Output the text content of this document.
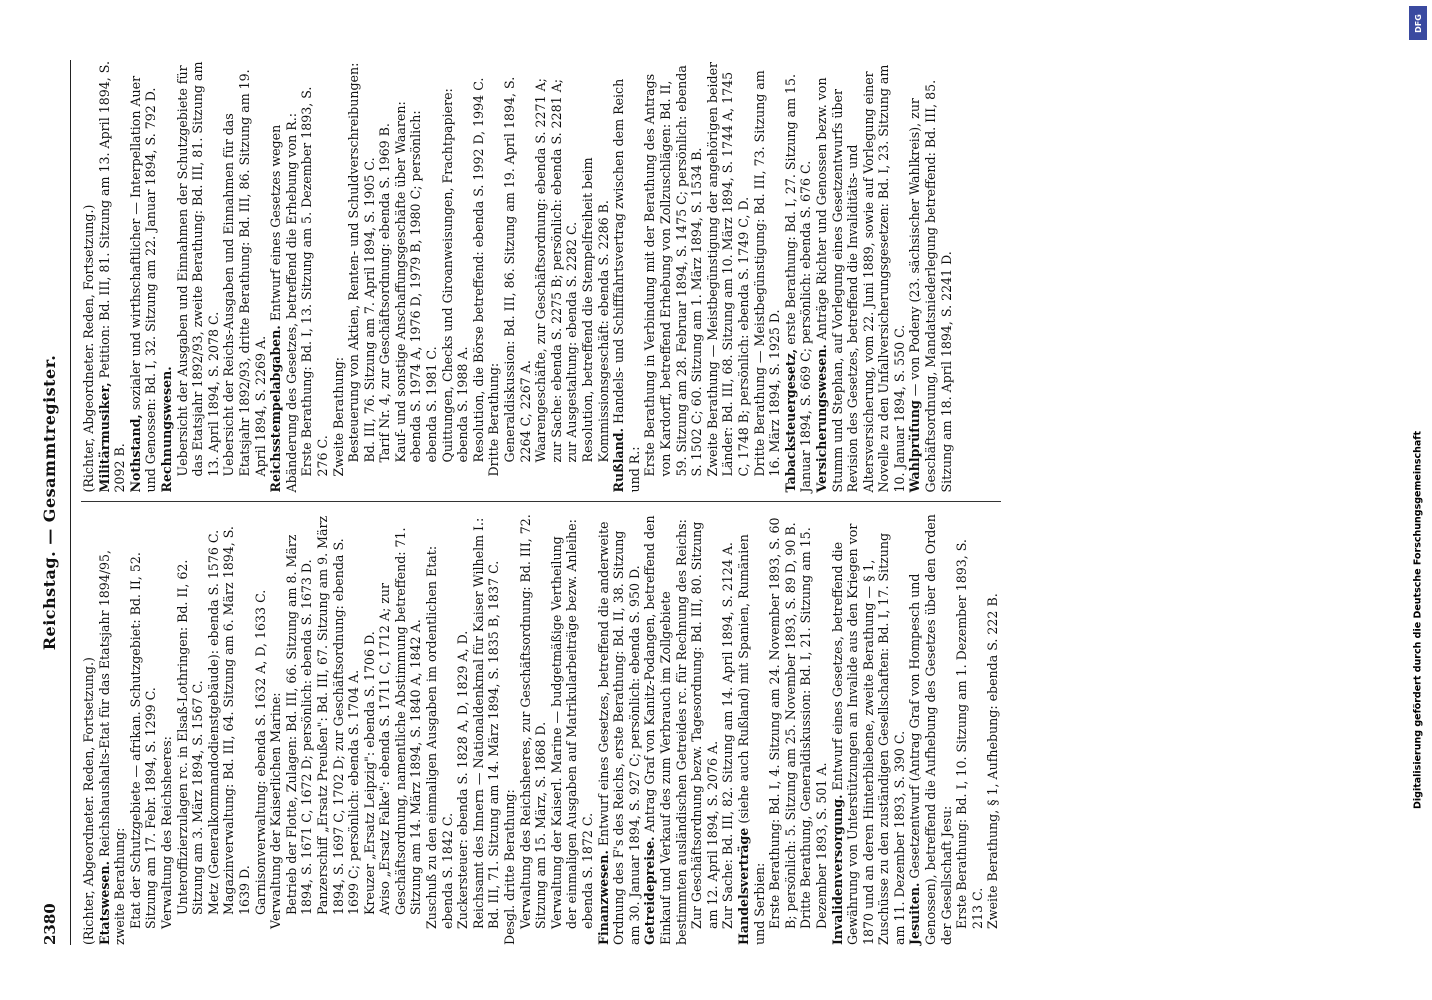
2380
Reichstag. — Gesammtregister.

(Richter, Abgeordneter. Reden, Fortsetzung.) Etatswesen. Reichshaushalts-Etat für das Etatsjahr 1894/95, zweite Berathung: Etat der Schutzgebiete — afrikan. Schutzgebiet: Bd. II, 52. Sitzung am 17. Febr. 1894, S. 1299 C. Verwaltung des Reichsheeres: Unteroffizierzulagen rc. in Elsaß-Lothringen: Bd. II, 62. Sitzung am 3. März 1894, S. 1567 C. Metz (Generalkommandodienstgebäude): ebenda S. 1576 C. Magazinverwaltung: Bd. III, 64. Sitzung am 6. März 1894, S. 1639 D. Garnisonverwaltung: ebenda S. 1632 A, D, 1633 C. Verwaltung der Kaiserlichen Marine: Betrieb der Flotte, Zulagen: Bd. III, 66. Sitzung am 8. März 1894, S. 1671 C, 1672 D; persönlich: ebenda S. 1673 D. Panzerschiff „Ersatz Preußen": Bd. III, 67. Sitzung am 9. März 1894, S. 1697 C, 1702 D; zur Geschäftsordnung: ebenda S. 1699 C; persönlich: ebenda S. 1704 A. Kreuzer „Ersatz Leipzig": ebenda S. 1706 D. Aviso „Ersatz Falke": ebenda S. 1711 C, 1712 A; zur Geschäftsordnung, namentliche Abstimmung betreffend: 71. Sitzung am 14. März 1894, S. 1840 A, 1842 A. Zuschuß zu den einmaligen Ausgaben im ordentlichen Etat: ebenda S. 1842 C. Zuckersteuer: ebenda S. 1828 A, D, 1829 A, D. Reichsamt des Innern — Nationaldenkmal für Kaiser Wilhelm I.: Bd. III, 71. Sitzung am 14. März 1894, S. 1835 B, 1837 C. Desgl. dritte Berathung: Verwaltung des Reichsheeres, zur Geschäftsordnung: Bd. III, 72. Sitzung am 15. März, S. 1868 D. Verwaltung der Kaiserl. Marine — budgetmäßige Vertheilung der einmaligen Ausgaben auf Matrikularbeiträge bezw. Anleihe: ebenda S. 1872 C. Finanzwesen. Entwurf eines Gesetzes, betreffend die anderweite Ordnung des F's des Reichs, erste Berathung: Bd. II, 38. Sitzung am 30. Januar 1894, S. 927 C; persönlich: ebenda S. 950 D. Getreidepreise. Antrag Graf von Kanitz-Podangen, betreffend den Einkauf und Verkauf des zum Verbrauch im Zollgebiete bestimmten ausländischen Getreides rc. für Rechnung des Reichs: Zur Geschäftsordnung bezw. Tagesordnung: Bd. III, 80. Sitzung am 12. April 1894, S. 2076 A. Zur Sache: Bd. III, 82. Sitzung am 14. April 1894, S. 2124 A. Handelsverträge (siehe auch Rußland) mit Spanien, Rumänien und Serbien: Erste Berathung: Bd. I, 4. Sitzung am 24. November 1893, S. 60 B; persönlich: 5. Sitzung am 25. November 1893, S. 89 D, 90 B. Dritte Berathung, Generaldiskussion: Bd. I, 21. Sitzung am 15. Dezember 1893, S. 501 A. Invalidenversorgung. Entwurf eines Gesetzes, betreffend die Gewährung von Unterstützungen an Invalide aus den Kriegen vor 1870 und an deren Hinterbliebene, zweite Berathung — § 1, Zuschüsse zu den zuständigen Gesellschaften: Bd. I, 17. Sitzung am 11. Dezember 1893, S. 390 C. Jesuiten. Gesetzentwurf (Antrag Graf von Hompesch und Genossen), betreffend die Aufhebung des Gesetzes über den Orden der Gesellschaft Jesu: Erste Berathung: Bd. I, 10. Sitzung am 1. Dezember 1893, S. 213 C. Zweite Berathung, § 1, Aufhebung: ebenda S. 222 B.

(Richter, Abgeordneter. Reden, Fortsetzung.) Militärmusiker, Petition: Bd. III, 81. Sitzung am 13. April 1894, S. 2092 B. Nothstand, sozialer und wirthschaftlicher — Interpellation Auer und Genossen: Bd. I, 32. Sitzung am 22. Januar 1894, S. 792 D. Rechnungswesen. Uebersicht der Ausgaben und Einnahmen der Schutzgebiete für das Etatsjahr 1892/93, zweite Berathung: Bd. III, 81. Sitzung am 13. April 1894, S. 2078 C. Uebersicht der Reichs-Ausgaben und Einnahmen für das Etatsjahr 1892/93, dritte Berathung: Bd. III, 86. Sitzung am 19. April 1894, S. 2269 A. Reichsstempelabgaben. Entwurf eines Gesetzes wegen Abänderung des Gesetzes, betreffend die Erhebung von R.: Erste Berathung: Bd. I, 13. Sitzung am 5. Dezember 1893, S. 276 C. Zweite Berathung: Besteuerung von Aktien, Renten- und Schuldverschreibungen: Bd. III, 76. Sitzung am 7. April 1894, S. 1905 C. Tarif Nr. 4, zur Geschäftsordnung: ebenda S. 1969 B. Kauf- und sonstige Anschaffungsgeschäfte über Waaren: ebenda S. 1974 A, 1976 D, 1979 B, 1980 C; persönlich: ebenda S. 1981 C. Quittungen, Checks und Giroanweisungen, Frachtpapiere: ebenda S. 1988 A. Resolution, die Börse betreffend: ebenda S. 1992 D, 1994 C. Dritte Berathung: Generaldiskussion: Bd. III, 86. Sitzung am 19. April 1894, S. 2264 C, 2267 A. Waarengeschäfte, zur Geschäftsordnung: ebenda S. 2271 A; zur Sache: ebenda S. 2275 B; persönlich: ebenda S. 2281 A; zur Ausgestaltung: ebenda S. 2282 C. Resolution, betreffend die Stempelfreiheit beim Kommissionsgeschäft: ebenda S. 2286 B. Rußland. Handels- und Schifffahrtsvertrag zwischen dem Reich und R.: Erste Berathung in Verbindung mit der Berathung des Antrags von Kardorff, betreffend Erhebung von Zollzuschlägen: Bd. II, 59. Sitzung am 28. Februar 1894, S. 1475 C; persönlich: ebenda S. 1502 C; 60. Sitzung am 1. März 1894, S. 1534 B. Zweite Berathung — Meistbegünstigung der angehörigen beider Länder: Bd. III, 68. Sitzung am 10. März 1894, S. 1744 A, 1745 C, 1748 B; persönlich: ebenda S. 1749 C, D. Dritte Berathung — Meistbegünstigung: Bd. III, 73. Sitzung am 16. März 1894, S. 1925 D. Tabacksteuergesetz, erste Berathung: Bd. I, 27. Sitzung am 15. Januar 1894, S. 669 C; persönlich: ebenda S. 676 C. Versicherungswesen. Anträge Richter und Genossen bezw. von Stumm und Stephan, auf Vorlegung eines Gesetzentwurfs über Revision des Gesetzes, betreffend die Invaliditäts- und Altersversicherung, vom 22. Juni 1889, sowie auf Vorlegung einer Novelle zu den Unfallversicherungsgesetzen: Bd. I, 23. Sitzung am 10. Januar 1894, S. 550 C. Wahlprüfung — von Podeny (23. sächsischer Wahlkreis), zur Geschäftsordnung, Mandatsniederlegung betreffend: Bd. III, 85. Sitzung am 18. April 1894, S. 2241 D.

DFG
Digitalisierung gefördert durch die Deutsche Forschungsgemeinschaft
